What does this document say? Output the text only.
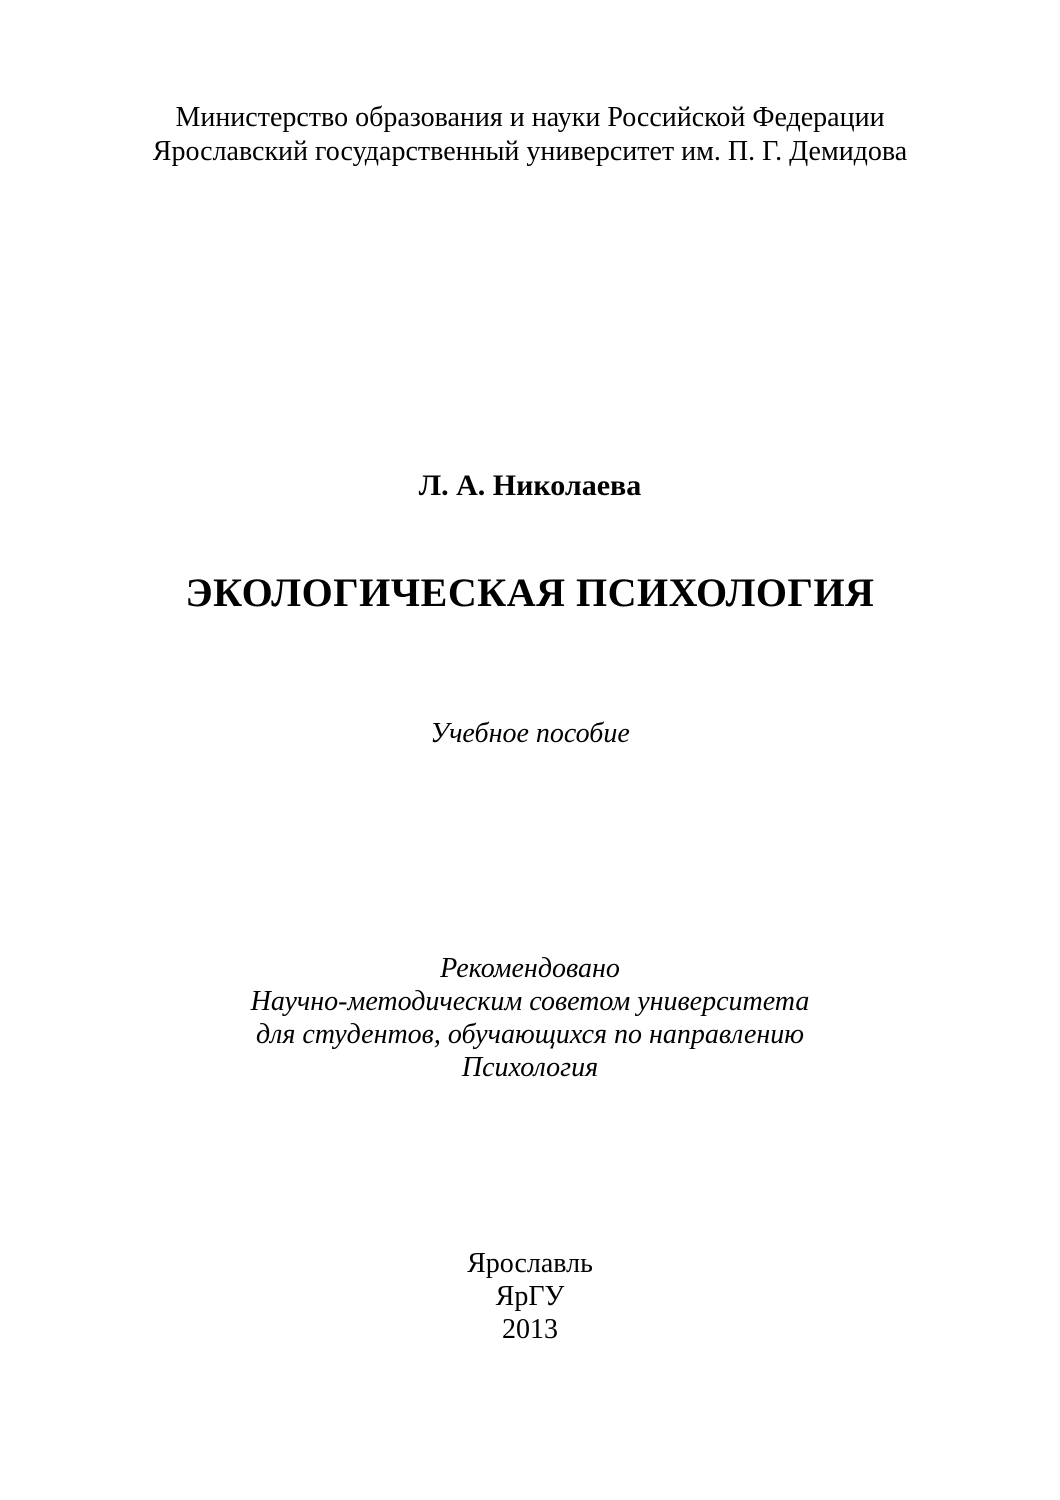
Министерство образования и науки Российской Федерации
Ярославский государственный университет им. П. Г. Демидова
Л. А. Николаева
ЭКОЛОГИЧЕСКАЯ ПСИХОЛОГИЯ
Учебное пособие
Рекомендовано
Научно-методическим советом университета
для студентов, обучающихся по направлению
Психология
Ярославль
ЯрГУ
2013
